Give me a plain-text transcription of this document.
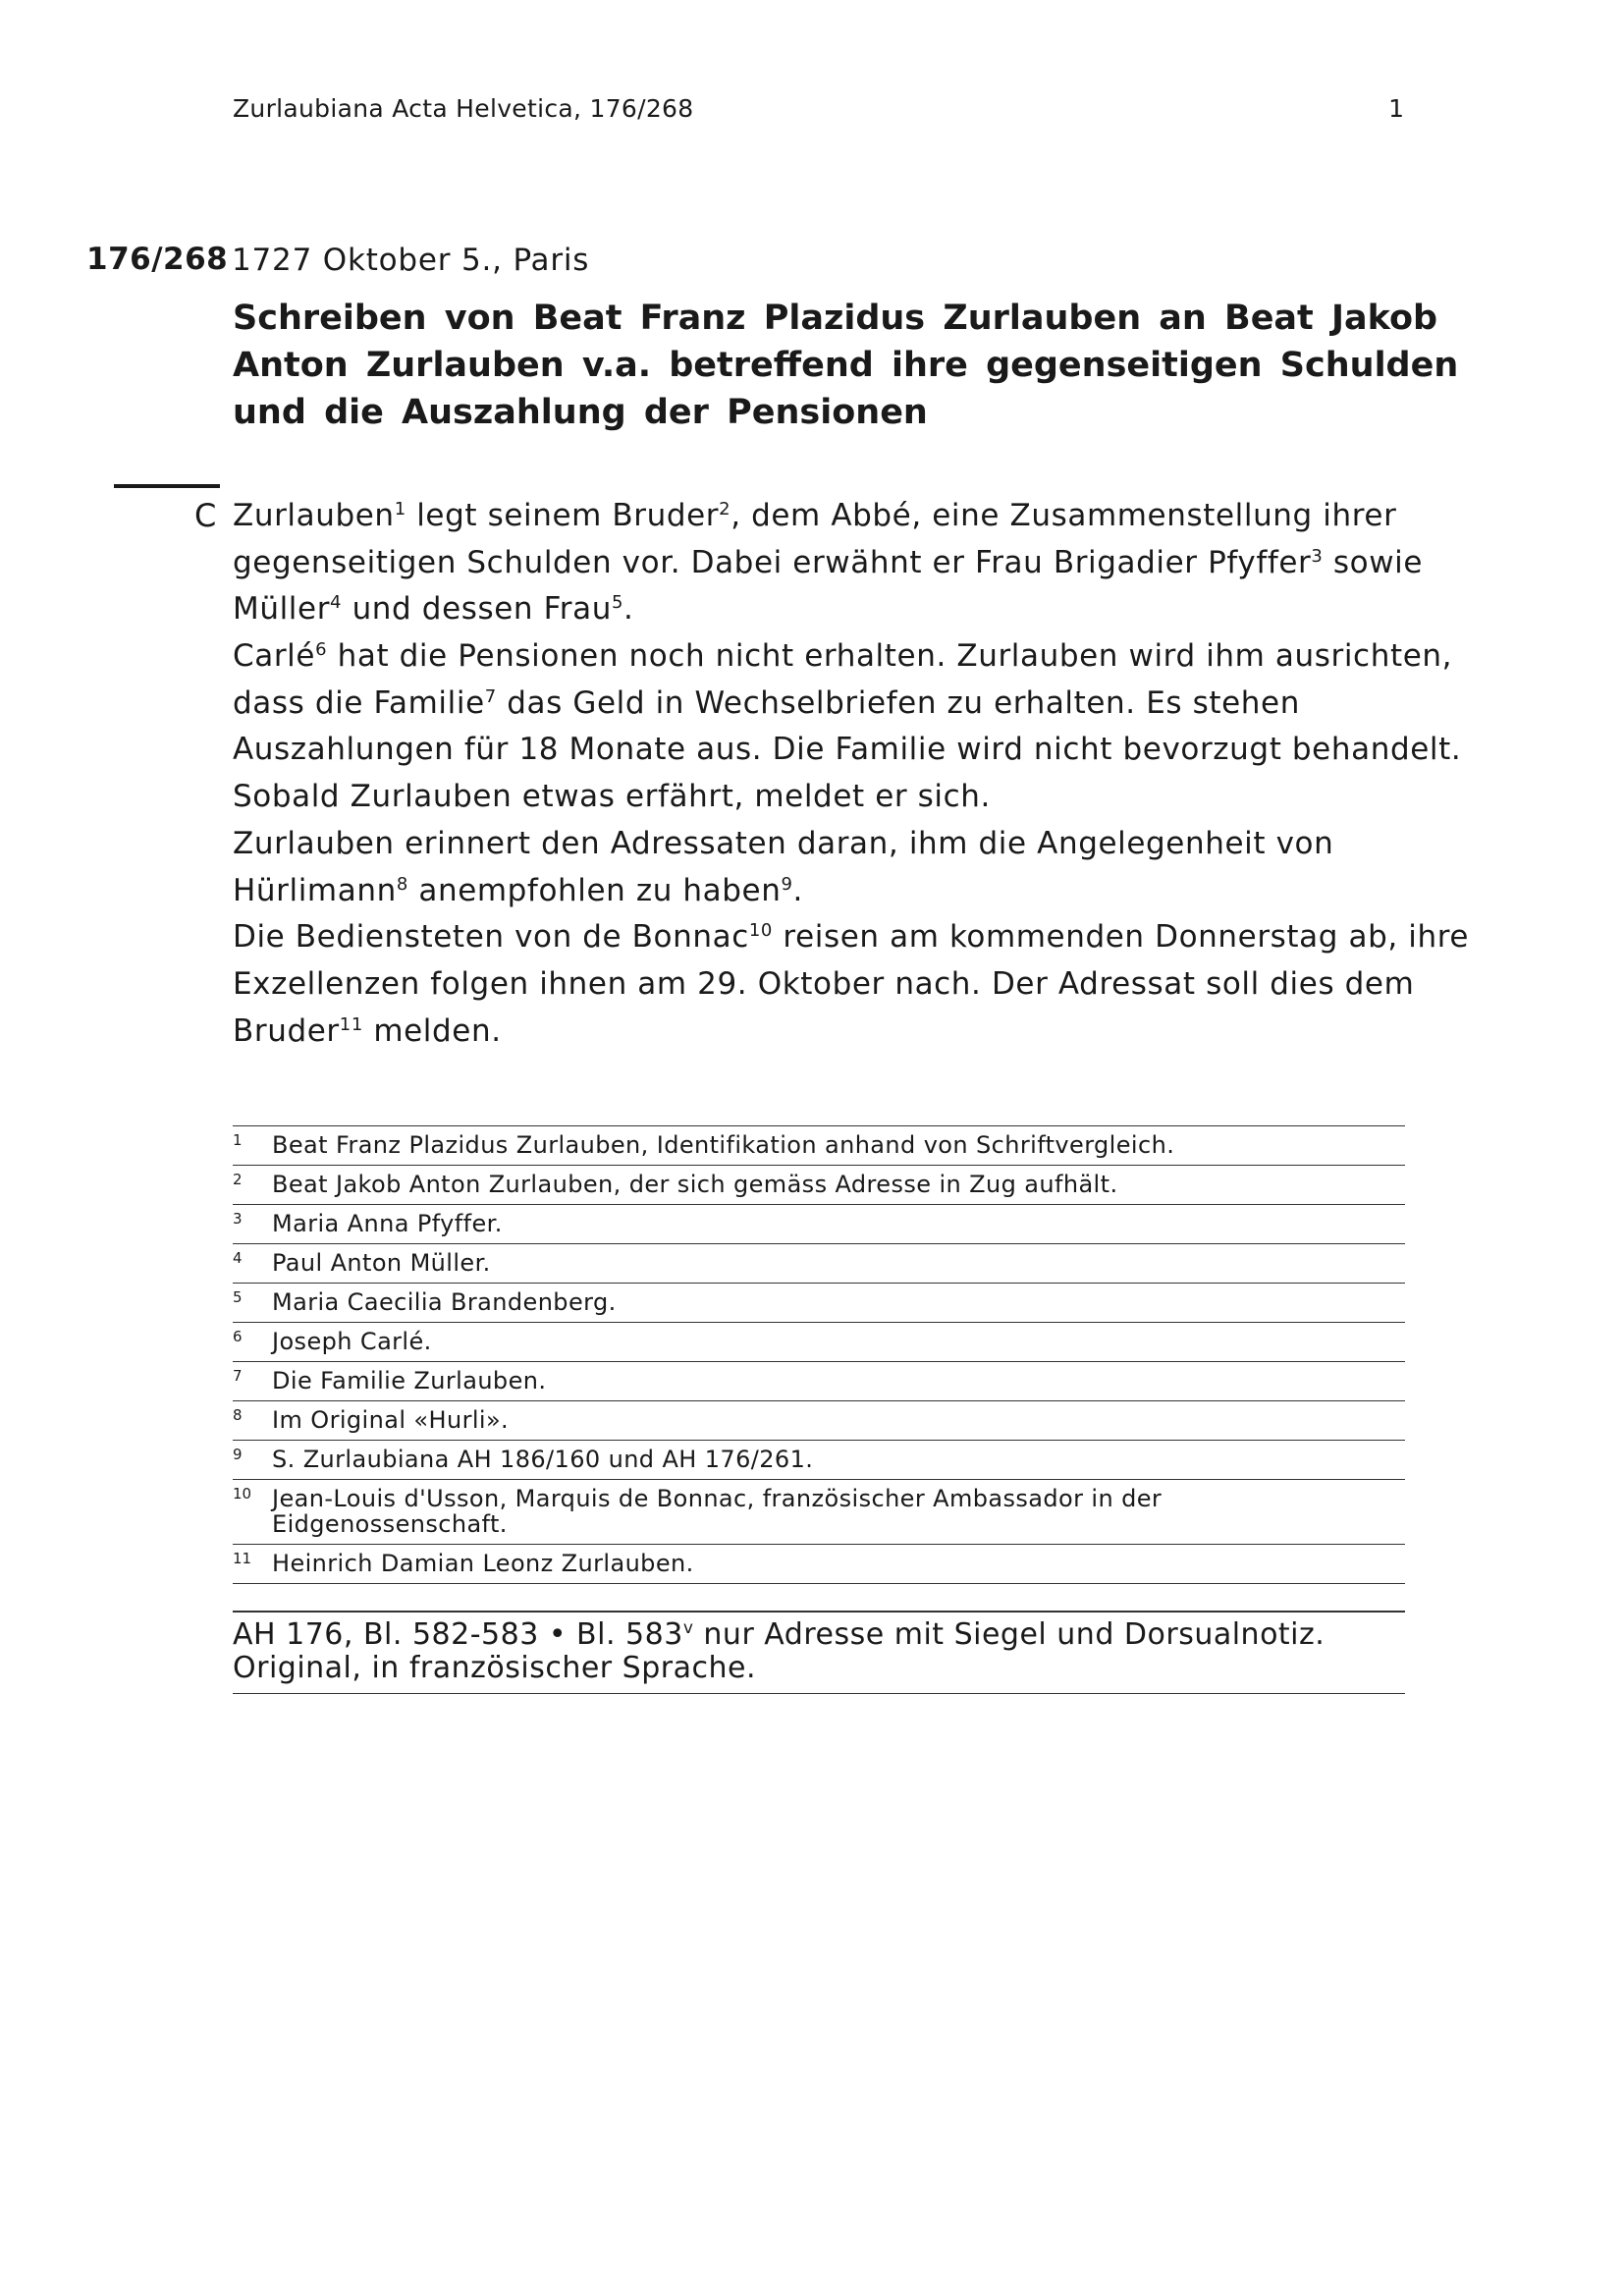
Zurlaubiana Acta Helvetica, 176/268	1
176/268 1727 Oktober 5., Paris
Schreiben von Beat Franz Plazidus Zurlauben an Beat Jakob
Anton Zurlauben v.a. betreffend ihre gegenseitigen Schulden
und die Auszahlung der Pensionen
C Zurlauben$^1$ legt seinem Bruder$^2$, dem Abbé, eine Zusammenstellung ihrer
gegenseitigen Schulden vor. Dabei erwähnt er Frau Brigadier Pfyffer$^3$ sowie
Müller$^4$ und dessen Frau$^5$.
Carlé$^6$ hat die Pensionen noch nicht erhalten. Zurlauben wird ihm ausrichten,
dass die Familie$^7$ das Geld in Wechselbriefen zu erhalten. Es stehen
Auszahlungen für 18 Monate aus. Die Familie wird nicht bevorzugt behandelt.
Sobald Zurlauben etwas erfährt, meldet er sich.
Zurlauben erinnert den Adressaten daran, ihm die Angelegenheit von
Hürlimann$^8$ anempfohlen zu haben$^9$.
Die Bediensteten von de Bonnac$^{10}$ reisen am kommenden Donnerstag ab, ihre
Exzellenzen folgen ihnen am 29. Oktober nach. Der Adressat soll dies dem
Bruder$^{11}$ melden.
1	Beat Franz Plazidus Zurlauben, Identifikation anhand von Schriftvergleich.
2	Beat Jakob Anton Zurlauben, der sich gemäss Adresse in Zug aufhält.
3	Maria Anna Pfyffer.
4	Paul Anton Müller.
5	Maria Caecilia Brandenberg.
6	Joseph Carlé.
7	Die Familie Zurlauben.
8	Im Original «Hurli».
9	S. Zurlaubiana AH 186/160 und AH 176/261.
10 Jean-Louis d'Usson, Marquis de Bonnac, französischer Ambassador in der Eidgenossenschaft.
11 Heinrich Damian Leonz Zurlauben.
AH 176, Bl. 582-583 • Bl. 583$^v$ nur Adresse mit Siegel und Dorsualnotiz.
Original, in französischer Sprache.
